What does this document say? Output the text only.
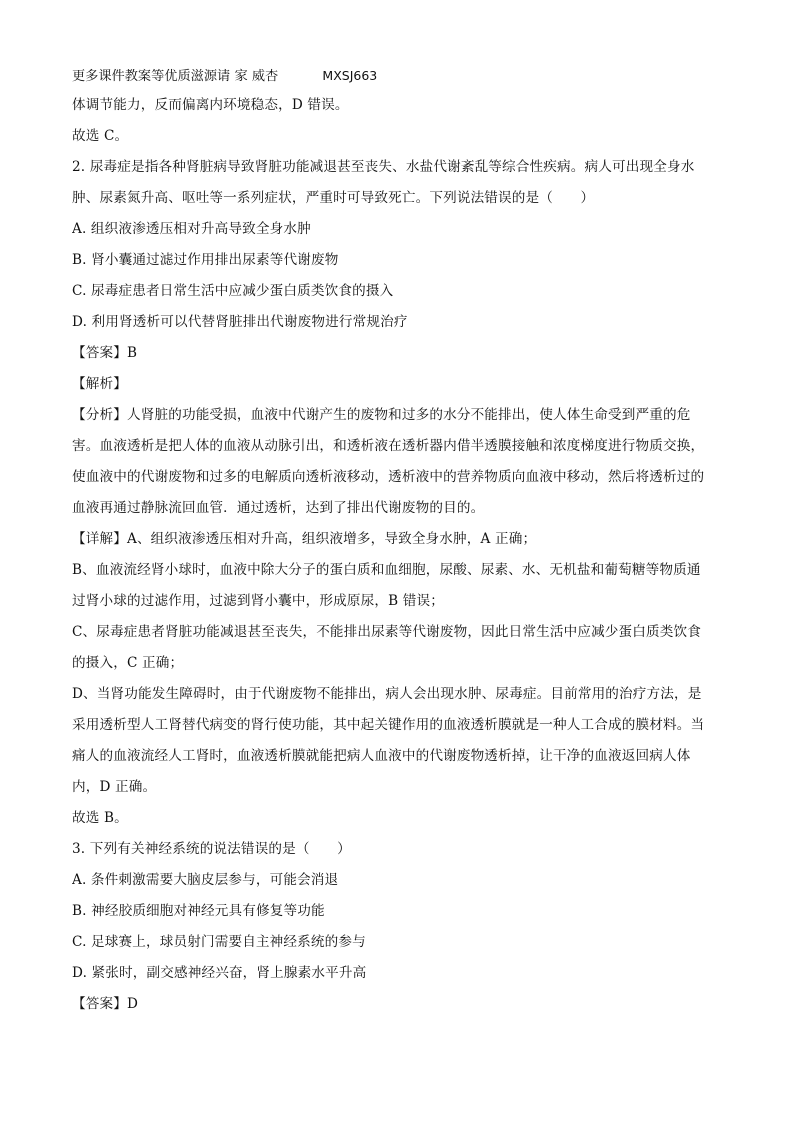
更多课件教案等优质滋源请 家 威杏	MXSJ663
体调节能力，反而偏离内环境稳态，D 错误。
故选 C。
2. 尿毒症是指各种肾脏病导致肾脏功能减退甚至丧失、水盐代谢紊乱等综合性疾病。病人可出现全身水
肿、尿素氮升高、呕吐等一系列症状，严重时可导致死亡。下列说法错误的是（　　）
A. 组织液渗透压相对升高导致全身水肿
B. 肾小囊通过滤过作用排出尿素等代谢废物
C. 尿毒症患者日常生活中应减少蛋白质类饮食的摄入
D. 利用肾透析可以代替肾脏排出代谢废物进行常规治疗
【答案】B
【解析】
【分析】人肾脏的功能受损，血液中代谢产生的废物和过多的水分不能排出，使人体生命受到严重的危
害。血液透析是把人体的血液从动脉引出，和透析液在透析器内借半透膜接触和浓度梯度进行物质交换，
使血液中的代谢废物和过多的电解质向透析液移动，透析液中的营养物质向血液中移动，然后将透析过的
血液再通过静脉流回血管．通过透析，达到了排出代谢废物的目的。
【详解】A、组织液渗透压相对升高，组织液增多，导致全身水肿，A 正确；
B、血液流经肾小球时，血液中除大分子的蛋白质和血细胞，尿酸、尿素、水、无机盐和葡萄糖等物质通
过肾小球的过滤作用，过滤到肾小囊中，形成原尿，B 错误；
C、尿毒症患者肾脏功能减退甚至丧失，不能排出尿素等代谢废物，因此日常生活中应减少蛋白质类饮食
的摄入，C 正确；
D、当肾功能发生障碍时，由于代谢废物不能排出，病人会出现水肿、尿毒症。目前常用的治疗方法，是
采用透析型人工肾替代病变的肾行使功能，其中起关键作用的血液透析膜就是一种人工合成的膜材料。当
痛人的血液流经人工肾时，血液透析膜就能把病人血液中的代谢废物透析掉，让干净的血液返回病人体
内，D 正确。
故选 B。
3. 下列有关神经系统的说法错误的是（　　）
A. 条件刺激需要大脑皮层参与，可能会消退
B. 神经胶质细胞对神经元具有修复等功能
C. 足球赛上，球员射门需要自主神经系统的参与
D. 紧张时，副交感神经兴奋，肾上腺素水平升高
【答案】D
